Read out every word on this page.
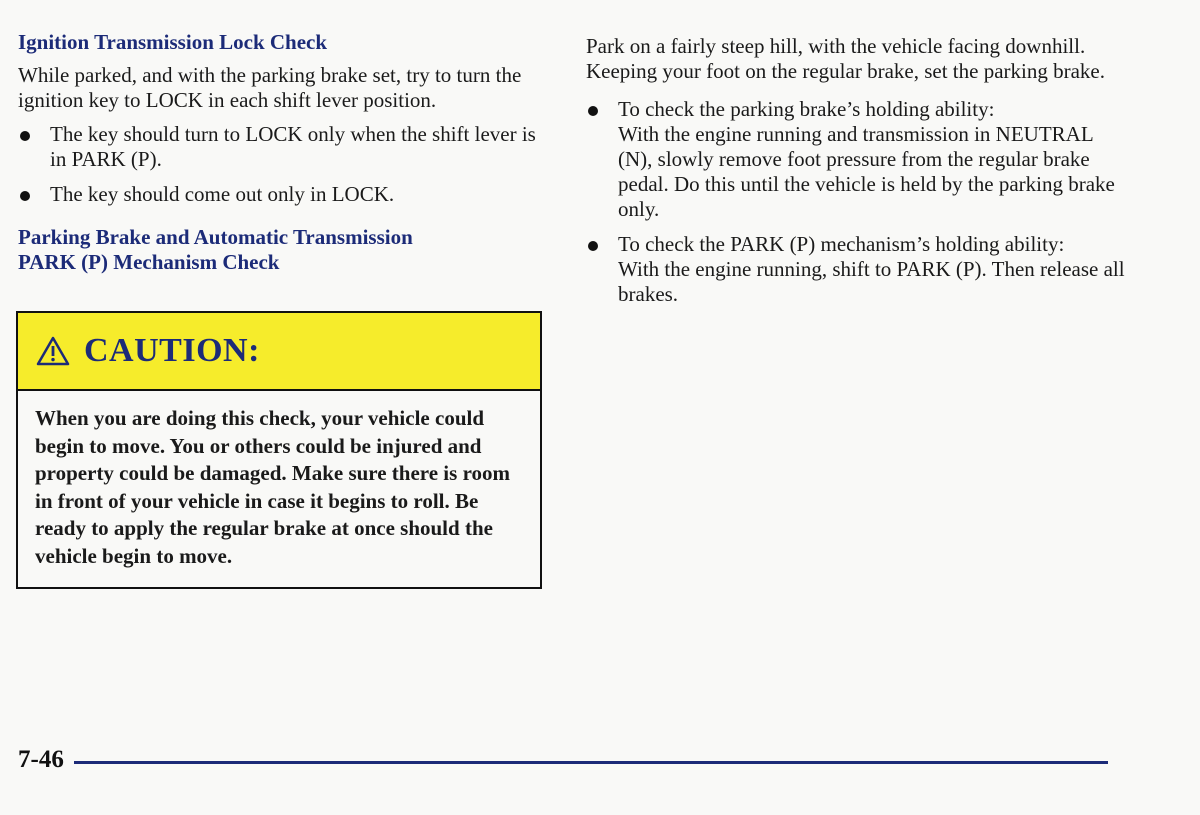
Ignition Transmission Lock Check

While parked, and with the parking brake set, try to turn the ignition key to LOCK in each shift lever position.

The key should turn to LOCK only when the shift lever is in PARK (P).
The key should come out only in LOCK.
Parking Brake and Automatic Transmission
PARK (P) Mechanism Check
CAUTION:
When you are doing this check, your vehicle could begin to move. You or others could be injured and property could be damaged. Make sure there is room in front of your vehicle in case it begins to roll. Be ready to apply the regular brake at once should the vehicle begin to move.

Park on a fairly steep hill, with the vehicle facing downhill. Keeping your foot on the regular brake, set the parking brake.

To check the parking brake’s holding ability:
With the engine running and transmission in NEUTRAL (N), slowly remove foot pressure from the regular brake pedal. Do this until the vehicle is held by the parking brake only.
To check the PARK (P) mechanism’s holding ability:
With the engine running, shift to PARK (P). Then release all brakes.
7-46
